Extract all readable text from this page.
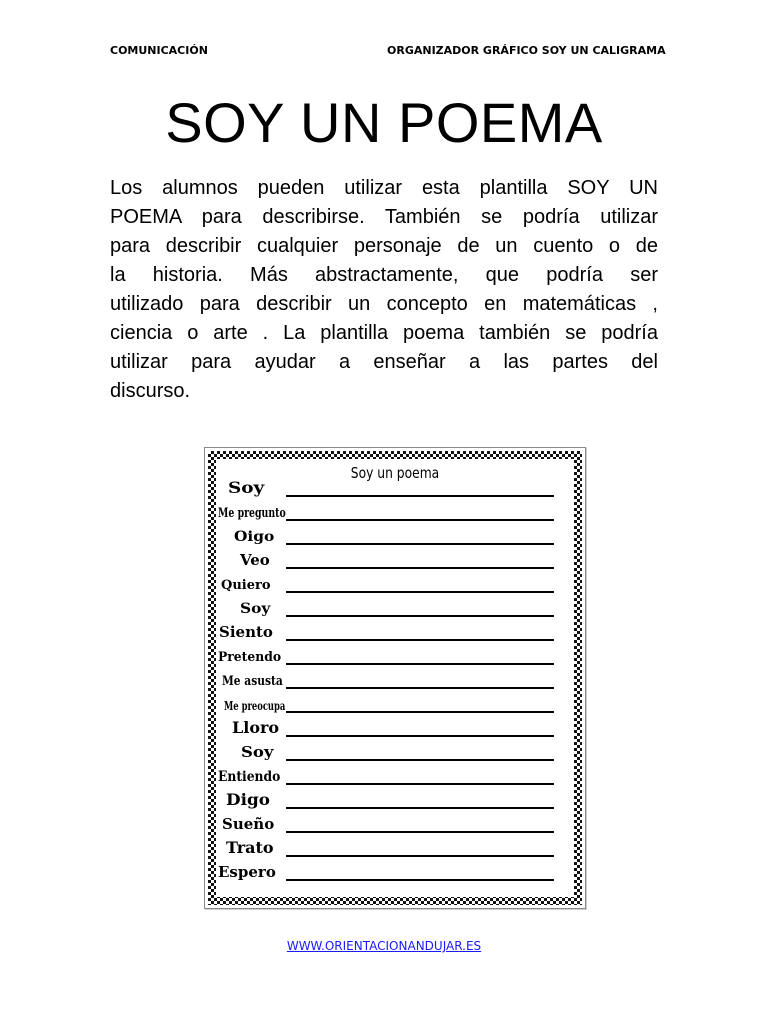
COMUNICACIÓN	ORGANIZADOR GRÁFICO SOY UN CALIGRAMA
SOY UN POEMA
Los alumnos pueden utilizar esta plantilla SOY UN
POEMA para describirse. También se podría utilizar
para describir cualquier personaje de un cuento o de
la historia. Más abstractamente, que podría ser
utilizado para describir un concepto en matemáticas ,
ciencia o arte . La plantilla poema también se podría
utilizar para ayudar a enseñar a las partes del
discurso.
Soy un poema
Soy
Me pregunto
Oigo
Veo
Quiero
Soy
Siento
Pretendo
Me asusta
Me preocupa
Lloro
Soy
Entiendo
Digo
Sueño
Trato
Espero
WWW.ORIENTACIONANDUJAR.ES
